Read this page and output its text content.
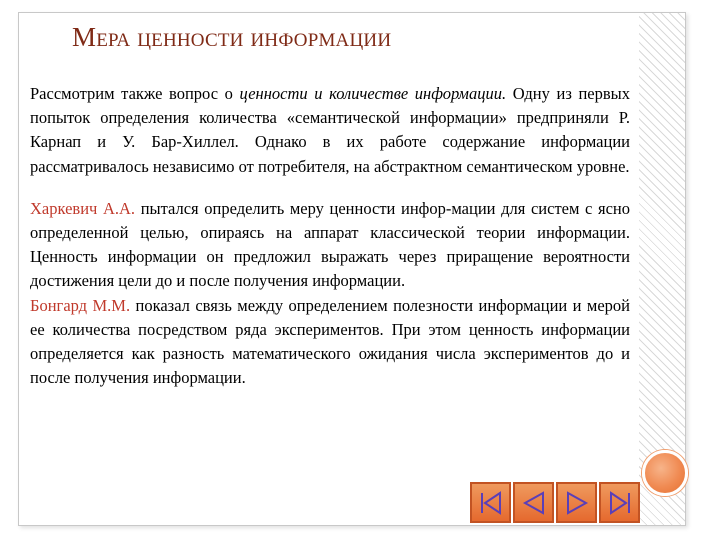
Мера ценности информации

Рассмотрим также вопрос о ценности и количестве информации. Одну из первых попыток определения количества «семантической информации» предприняли Р. Карнап и У. Бар-Хиллел. Однако в их работе содержание информации рассматривалось независимо от потребителя, на абстрактном семантическом уровне.

Харкевич А.А. пытался определить меру ценности инфор-мации для систем с ясно определенной целью, опираясь на аппарат классической теории информации. Ценность информации он предложил выражать через приращение вероятности достижения цели до и после получения информации.

Бонгард М.М. показал связь между определением полезности информации и мерой ее количества посредством ряда экспериментов. При этом ценность информации определяется как разность математического ожидания числа экспериментов до и после получения информации.
